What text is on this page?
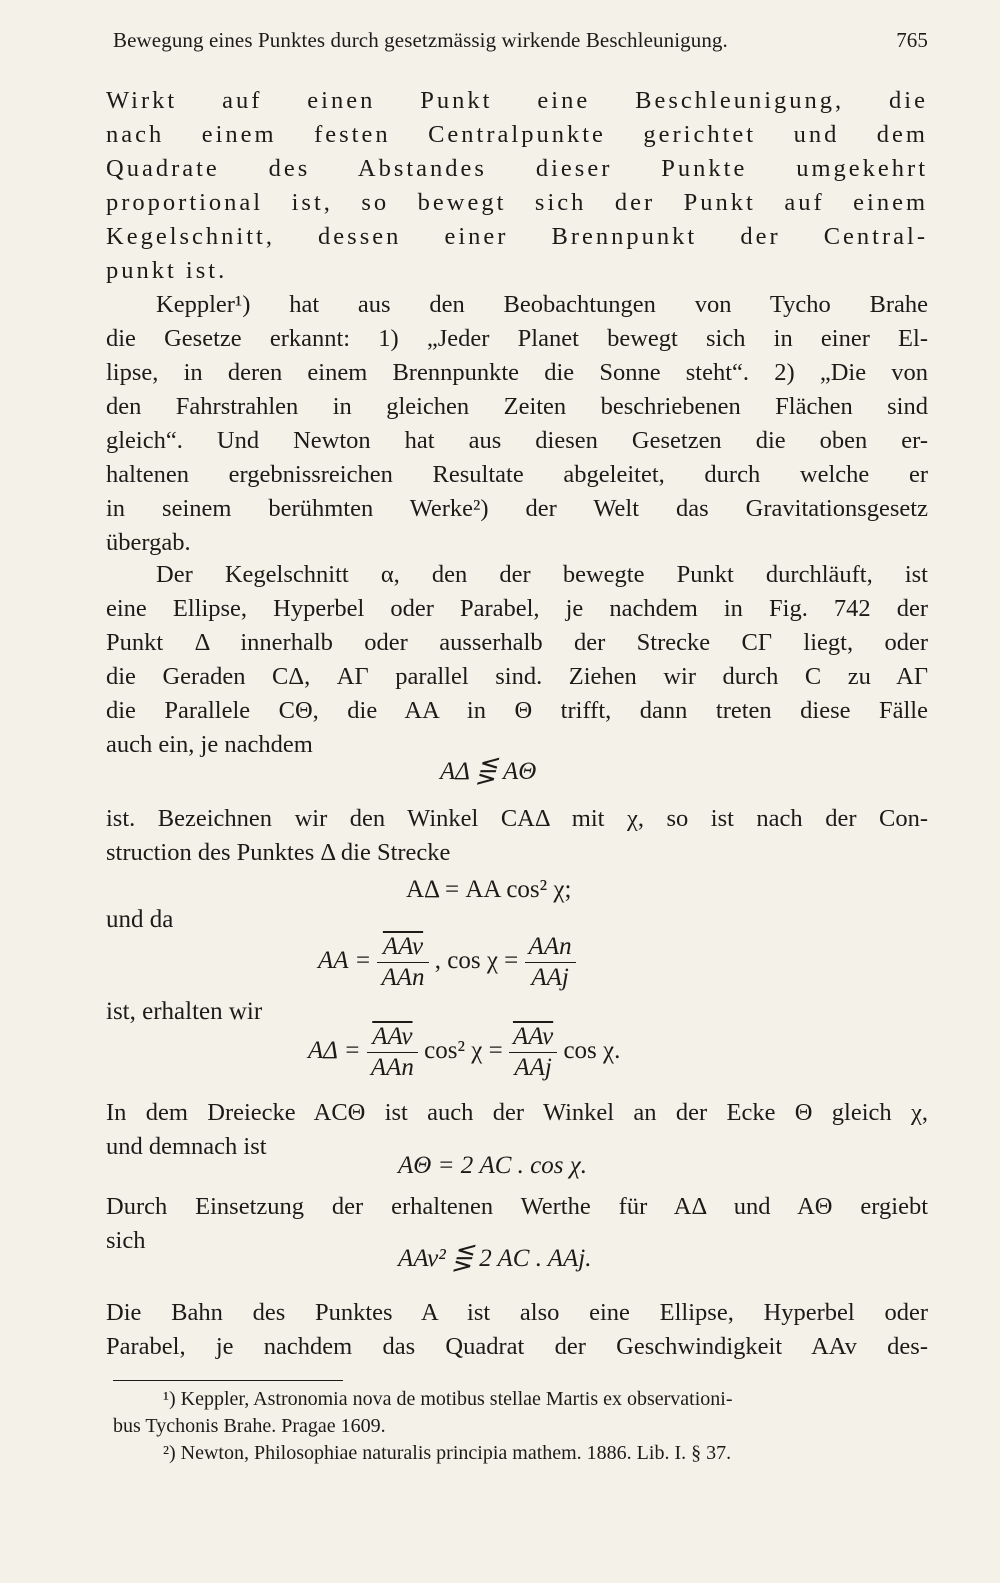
Bewegung eines Punktes durch gesetzmässig wirkende Beschleunigung.	765
Wirkt auf einen Punkt eine Beschleunigung, die
nach einem festen Centralpunkte gerichtet und dem
Quadrate des Abstandes dieser Punkte umgekehrt
proportional ist, so bewegt sich der Punkt auf einem
Kegelschnitt, dessen einer Brennpunkt der Central-
punkt ist.
Keppler¹) hat aus den Beobachtungen von Tycho Brahe
die Gesetze erkannt: 1) „Jeder Planet bewegt sich in einer El-
lipse, in deren einem Brennpunkte die Sonne steht“. 2) „Die von
den Fahrstrahlen in gleichen Zeiten beschriebenen Flächen sind
gleich“. Und Newton hat aus diesen Gesetzen die oben er-
haltenen ergebnissreichen Resultate abgeleitet, durch welche er
in seinem berühmten Werke²) der Welt das Gravitationsgesetz
übergab.
Der Kegelschnitt α, den der bewegte Punkt durchläuft, ist
eine Ellipse, Hyperbel oder Parabel, je nachdem in Fig. 742 der
Punkt Δ innerhalb oder ausserhalb der Strecke CΓ liegt, oder
die Geraden CΔ, AΓ parallel sind. Ziehen wir durch C zu AΓ
die Parallele CΘ, die AA in Θ trifft, dann treten diese Fälle
auch ein, je nachdem
AΔ ⋚ AΘ
ist. Bezeichnen wir den Winkel CAΔ mit χ, so ist nach der Con-
struction des Punktes Δ die Strecke
AΔ = AA cos² χ;
und da
AA = $\frac{\overline{AAv}}{\text{AAn}}$ , $\cos \chi = \frac{\text{AAn}}{\text{AAj}}$
ist, erhalten wir
$A\Delta = \frac{\overline{AAv}}{\text{AAn}} \cos^2$ $\chi = \frac{\overline{AAv}}{\text{AAj}}$ cos χ.
In dem Dreiecke ACΘ ist auch der Winkel an der Ecke Θ gleich χ,
und demnach ist
AΘ = 2 AC . cos χ.
Durch Einsetzung der erhaltenen Werthe für AΔ und AΘ ergiebt
sich
AAv² ⋚ 2 AC . AAj.
Die Bahn des Punktes A ist also eine Ellipse, Hyperbel oder
Parabel, je nachdem das Quadrat der Geschwindigkeit AAv des-
¹) Keppler, Astronomia nova de motibus stellae Martis ex observationi-
bus Tychonis Brahe. Pragae 1609.
²) Newton, Philosophiae naturalis principia mathem. 1886. Lib. I. § 37.
